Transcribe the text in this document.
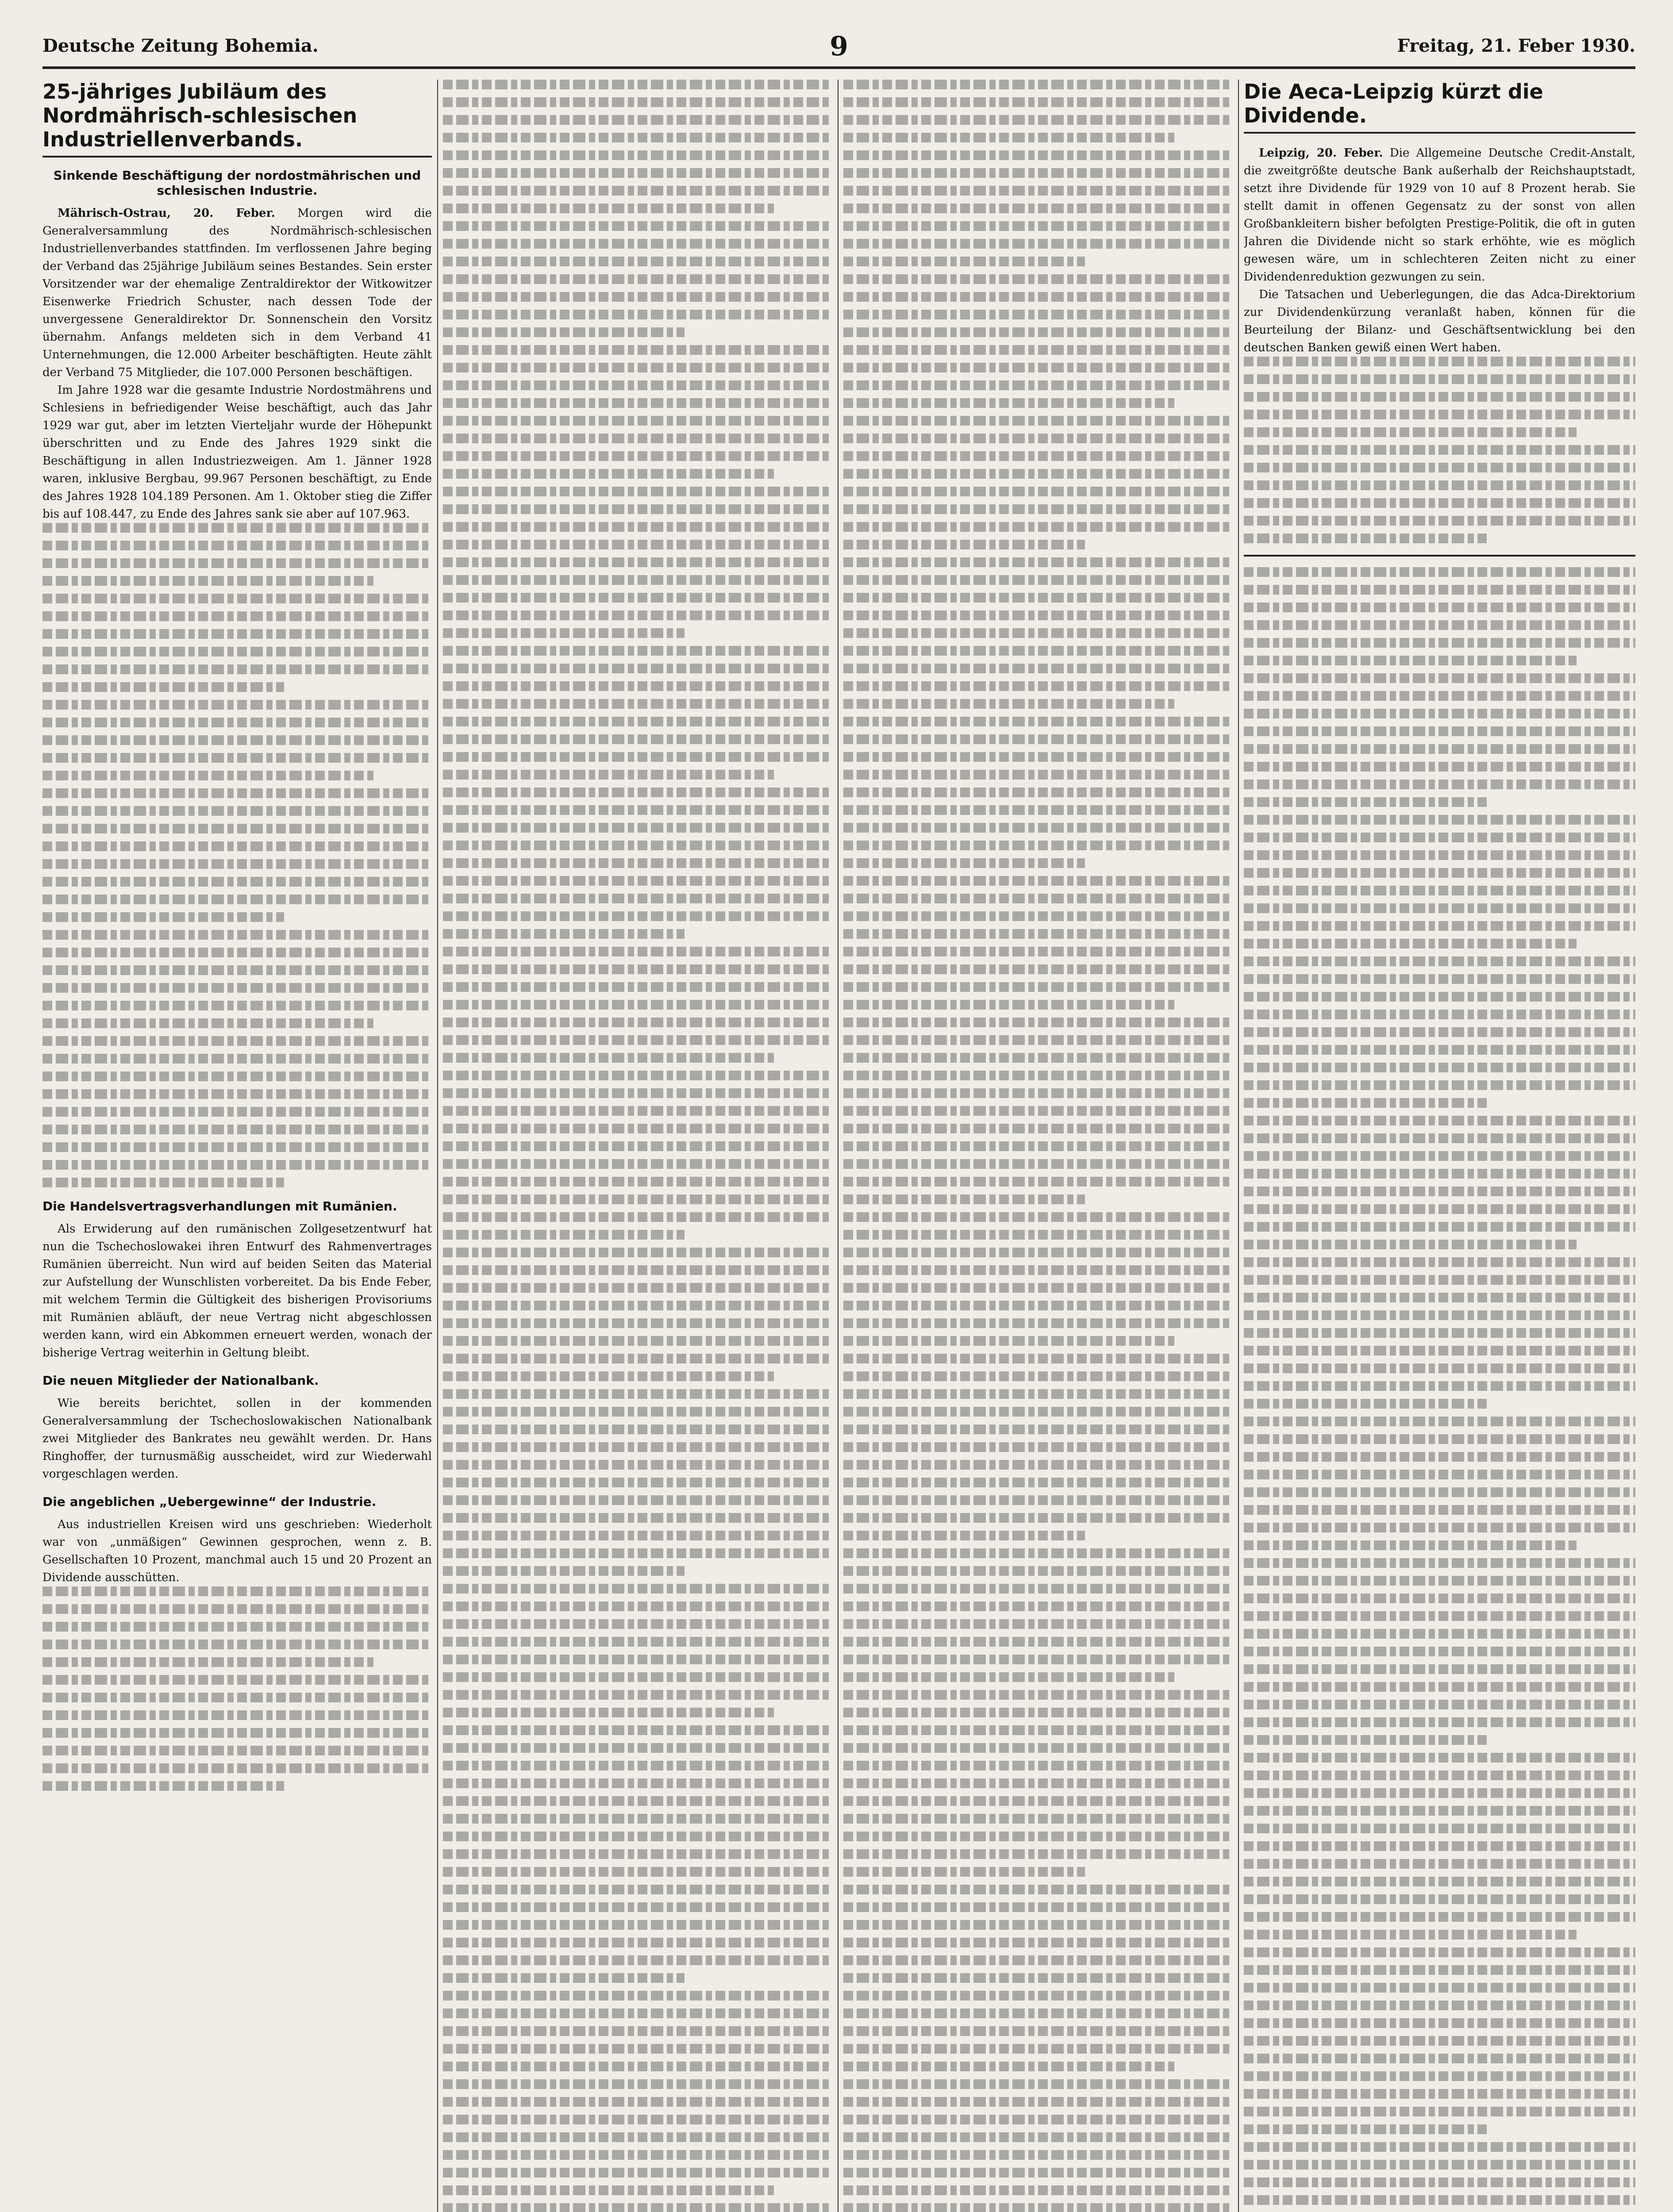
Deutsche Zeitung Bohemia.	9	Freitag, 21. Feber 1930.
25-jähriges Jubiläum des Nordmährisch-schlesischen Industriellenverbands.
Sinkende Beschäftigung der nordostmährischen und schlesischen Industrie.

Mährisch-Ostrau, 20. Feber. Morgen wird die Generalversammlung des Nordmährisch-schlesischen Industriellenverbandes stattfinden. Im verflossenen Jahre beging der Verband das 25jährige Jubiläum seines Bestandes. Sein erster Vorsitzender war der ehemalige Zentraldirektor der Witkowitzer Eisenwerke Friedrich Schuster, nach dessen Tode der unvergessene Generaldirektor Dr. Sonnenschein den Vorsitz übernahm. Anfangs meldeten sich in dem Verband 41 Unternehmungen, die 12.000 Arbeiter beschäftigten. Heute zählt der Verband 75 Mitglieder, die 107.000 Personen beschäftigen.

Im Jahre 1928 war die gesamte Industrie Nordostmährens und Schlesiens in befriedigender Weise beschäftigt, auch das Jahr 1929 war gut, aber im letzten Vierteljahr wurde der Höhepunkt überschritten und zu Ende des Jahres 1929 sinkt die Beschäftigung in allen Industriezweigen. Am 1. Jänner 1928 waren, inklusive Bergbau, 99.967 Personen beschäftigt, zu Ende des Jahres 1928 104.189 Personen. Am 1. Oktober stieg die Ziffer bis auf 108.447, zu Ende des Jahres sank sie aber auf 107.963.

Die Handelsvertragsverhandlungen mit Rumänien.

Als Erwiderung auf den rumänischen Zollgesetzentwurf hat nun die Tschechoslowakei ihren Entwurf des Rahmenvertrages Rumänien überreicht. Nun wird auf beiden Seiten das Material zur Aufstellung der Wunschlisten vorbereitet. Da bis Ende Feber, mit welchem Termin die Gültigkeit des bisherigen Provisoriums mit Rumänien abläuft, der neue Vertrag nicht abgeschlossen werden kann, wird ein Abkommen erneuert werden, wonach der bisherige Vertrag weiterhin in Geltung bleibt.

Die neuen Mitglieder der Nationalbank.

Wie bereits berichtet, sollen in der kommenden Generalversammlung der Tschechoslowakischen Nationalbank zwei Mitglieder des Bankrates neu gewählt werden. Dr. Hans Ringhoffer, der turnusmäßig ausscheidet, wird zur Wiederwahl vorgeschlagen werden.

Die angeblichen „Uebergewinne“ der Industrie.

Aus industriellen Kreisen wird uns geschrieben: Wiederholt war von „unmäßigen“ Gewinnen gesprochen, wenn z. B. Gesellschaften 10 Prozent, manchmal auch 15 und 20 Prozent an Dividende ausschütten.

Die Aeca-Leipzig kürzt die Dividende.

Leipzig, 20. Feber. Die Allgemeine Deutsche Credit-Anstalt, die zweitgrößte deutsche Bank außerhalb der Reichshauptstadt, setzt ihre Dividende für 1929 von 10 auf 8 Prozent herab. Sie stellt damit in offenen Gegensatz zu der sonst von allen Großbankleitern bisher befolgten Prestige-Politik, die oft in guten Jahren die Dividende nicht so stark erhöhte, wie es möglich gewesen wäre, um in schlechteren Zeiten nicht zu einer Dividendenreduktion gezwungen zu sein.

Die Tatsachen und Ueberlegungen, die das Adca-Direktorium zur Dividendenkürzung veranlaßt haben, können für die Beurteilung der Bilanz- und Geschäftsentwicklung bei den deutschen Banken gewiß einen Wert haben.
